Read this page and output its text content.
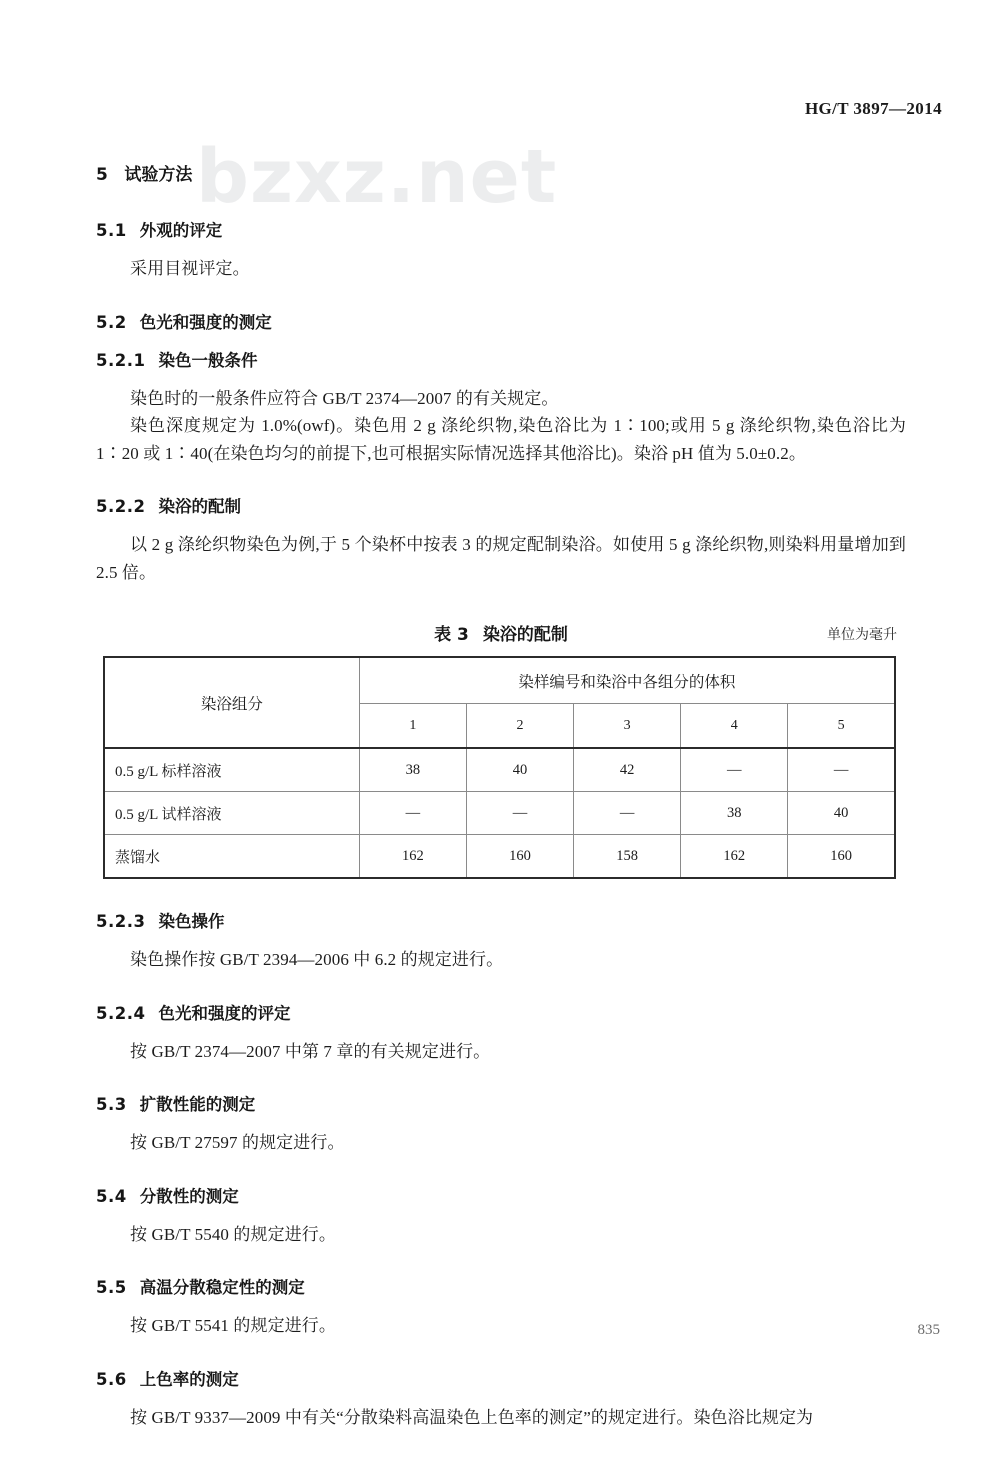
bzxz.net
HG/T 3897—2014
5 试验方法
5.1 外观的评定

采用目视评定。

5.2 色光和强度的测定
5.2.1 染色一般条件

染色时的一般条件应符合 GB/T 2374—2007 的有关规定。

染色深度规定为 1.0%(owf)。染色用 2 g 涤纶织物,染色浴比为 1∶100;或用 5 g 涤纶织物,染色浴比为 1∶20 或 1∶40(在染色均匀的前提下,也可根据实际情况选择其他浴比)。染浴 pH 值为 5.0±0.2。

5.2.2 染浴的配制

以 2 g 涤纶织物染色为例,于 5 个染杯中按表 3 的规定配制染浴。如使用 5 g 涤纶织物,则染料用量增加到 2.5 倍。

表 3 染浴的配制	单位为毫升
染浴组分	染样编号和染浴中各组分的体积				
	1	2	3	4	5
0.5 g/L 标样溶液	38	40	42	—	—
0.5 g/L 试样溶液	—	—	—	38	40
蒸馏水	162	160	158	162	160
5.2.3 染色操作

染色操作按 GB/T 2394—2006 中 6.2 的规定进行。

5.2.4 色光和强度的评定

按 GB/T 2374—2007 中第 7 章的有关规定进行。

5.3 扩散性能的测定

按 GB/T 27597 的规定进行。

5.4 分散性的测定

按 GB/T 5540 的规定进行。

5.5 高温分散稳定性的测定

按 GB/T 5541 的规定进行。

5.6 上色率的测定

按 GB/T 9337—2009 中有关“分散染料高温染色上色率的测定”的规定进行。染色浴比规定为

835
